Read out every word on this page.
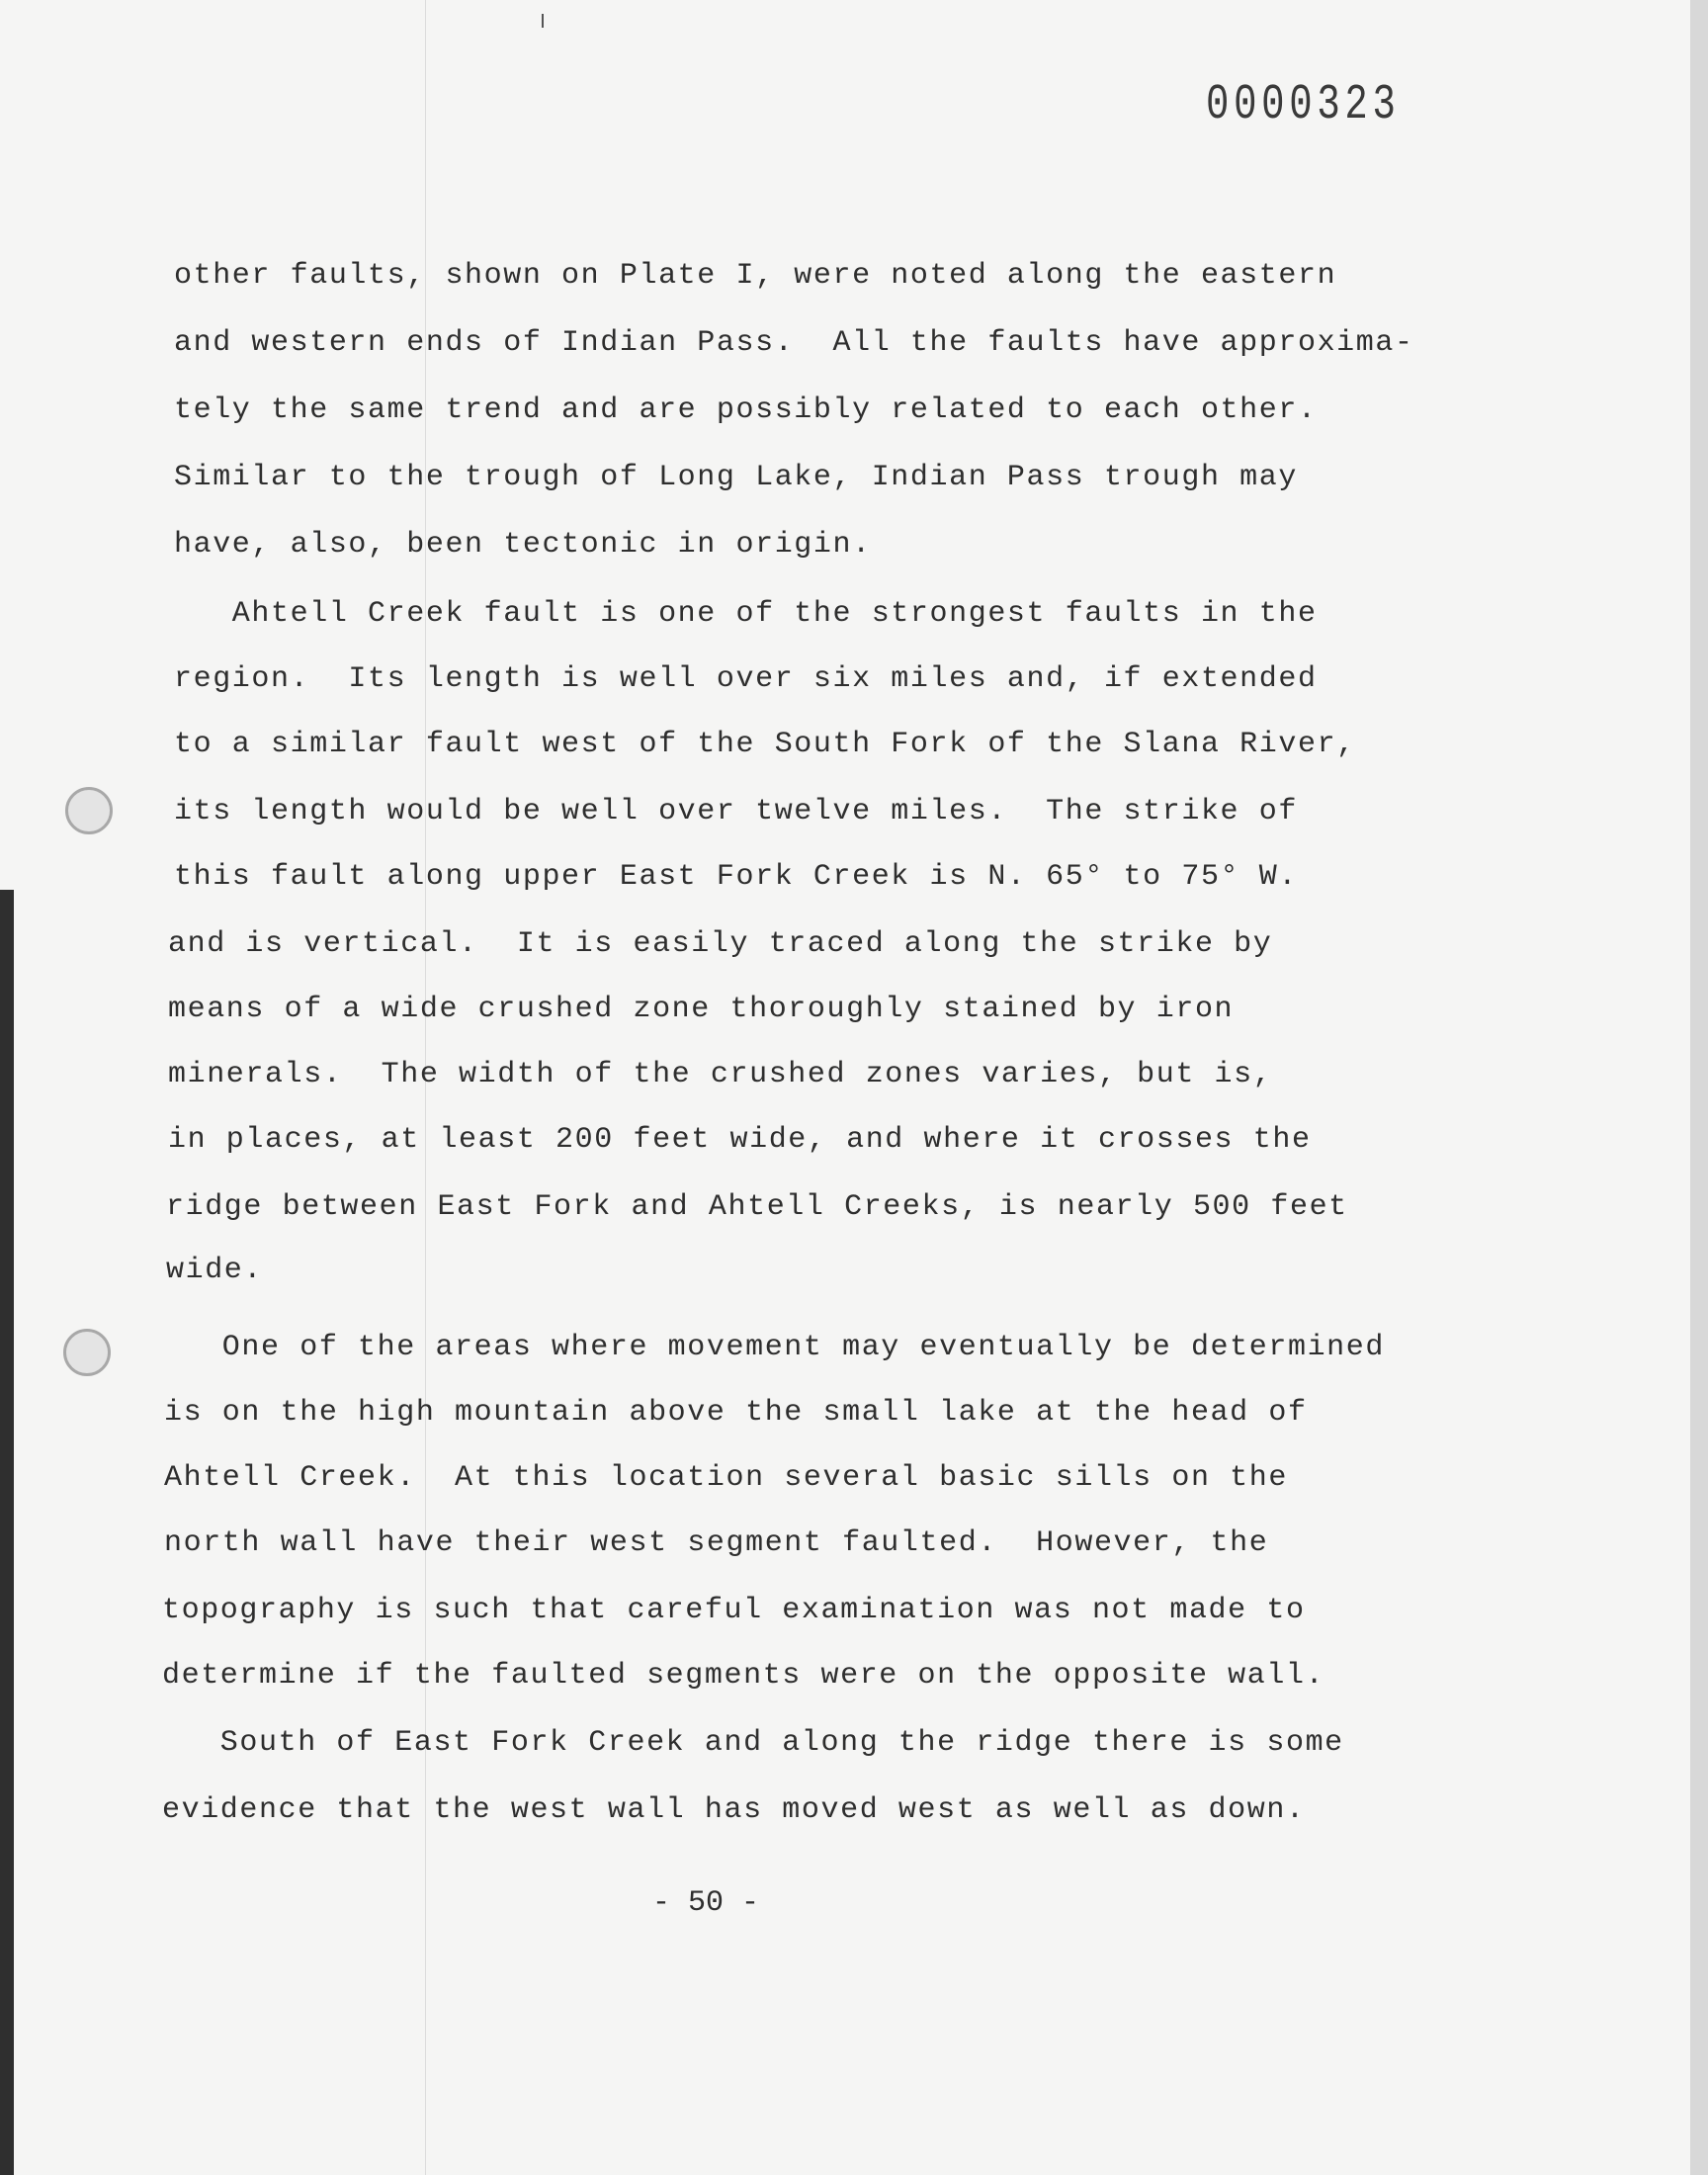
0000323
other faults, shown on Plate I, were noted along the eastern
and western ends of Indian Pass.  All the faults have approxima-
tely the same trend and are possibly related to each other.
Similar to the trough of Long Lake, Indian Pass trough may
have, also, been tectonic in origin.
Ahtell Creek fault is one of the strongest faults in the
region.  Its length is well over six miles and, if extended
to a similar fault west of the South Fork of the Slana River,
its length would be well over twelve miles.  The strike of
this fault along upper East Fork Creek is N. 65° to 75° W.
and is vertical.  It is easily traced along the strike by
means of a wide crushed zone thoroughly stained by iron
minerals.  The width of the crushed zones varies, but is,
in places, at least 200 feet wide, and where it crosses the
ridge between East Fork and Ahtell Creeks, is nearly 500 feet
wide.
One of the areas where movement may eventually be determined
is on the high mountain above the small lake at the head of
Ahtell Creek.  At this location several basic sills on the
north wall have their west segment faulted.  However, the
topography is such that careful examination was not made to
determine if the faulted segments were on the opposite wall.
South of East Fork Creek and along the ridge there is some
evidence that the west wall has moved west as well as down.
- 50 -
